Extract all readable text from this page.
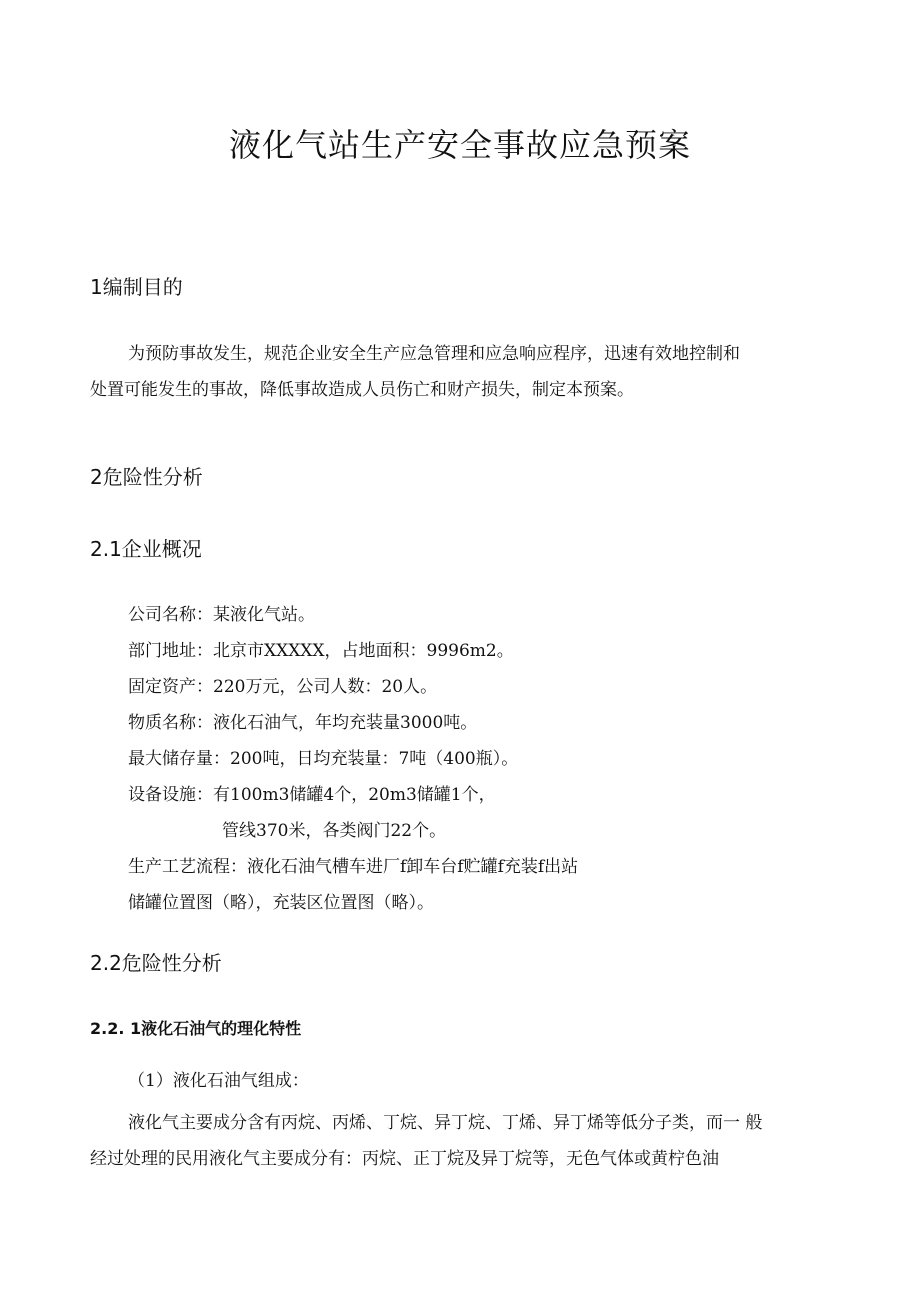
液化气站生产安全事故应急预案
1编制目的
为预防事故发生，规范企业安全生产应急管理和应急响应程序，迅速有效地控制和
处置可能发生的事故，降低事故造成人员伤亡和财产损失，制定本预案。
2危险性分析
2.1企业概况
公司名称：某液化气站。
部门地址：北京市XXXXX，占地面积：9996m2。
固定资产：220万元，公司人数：20人。
物质名称：液化石油气，年均充装量3000吨。
最大储存量：200吨，日均充装量：7吨（400瓶）。
设备设施：有100m3储罐4个，20m3储罐1个，
管线370米，各类阀门22个。
生产工艺流程：液化石油气槽车进厂f卸车台f贮罐f充装f出站
储罐位置图（略），充装区位置图（略）。
2.2危险性分析
2.2. 1液化石油气的理化特性
（1）液化石油气组成：
液化气主要成分含有丙烷、丙烯、丁烷、异丁烷、丁烯、异丁烯等低分子类，而一 般
经过处理的民用液化气主要成分有：丙烷、正丁烷及异丁烷等，无色气体或黄柠色油
